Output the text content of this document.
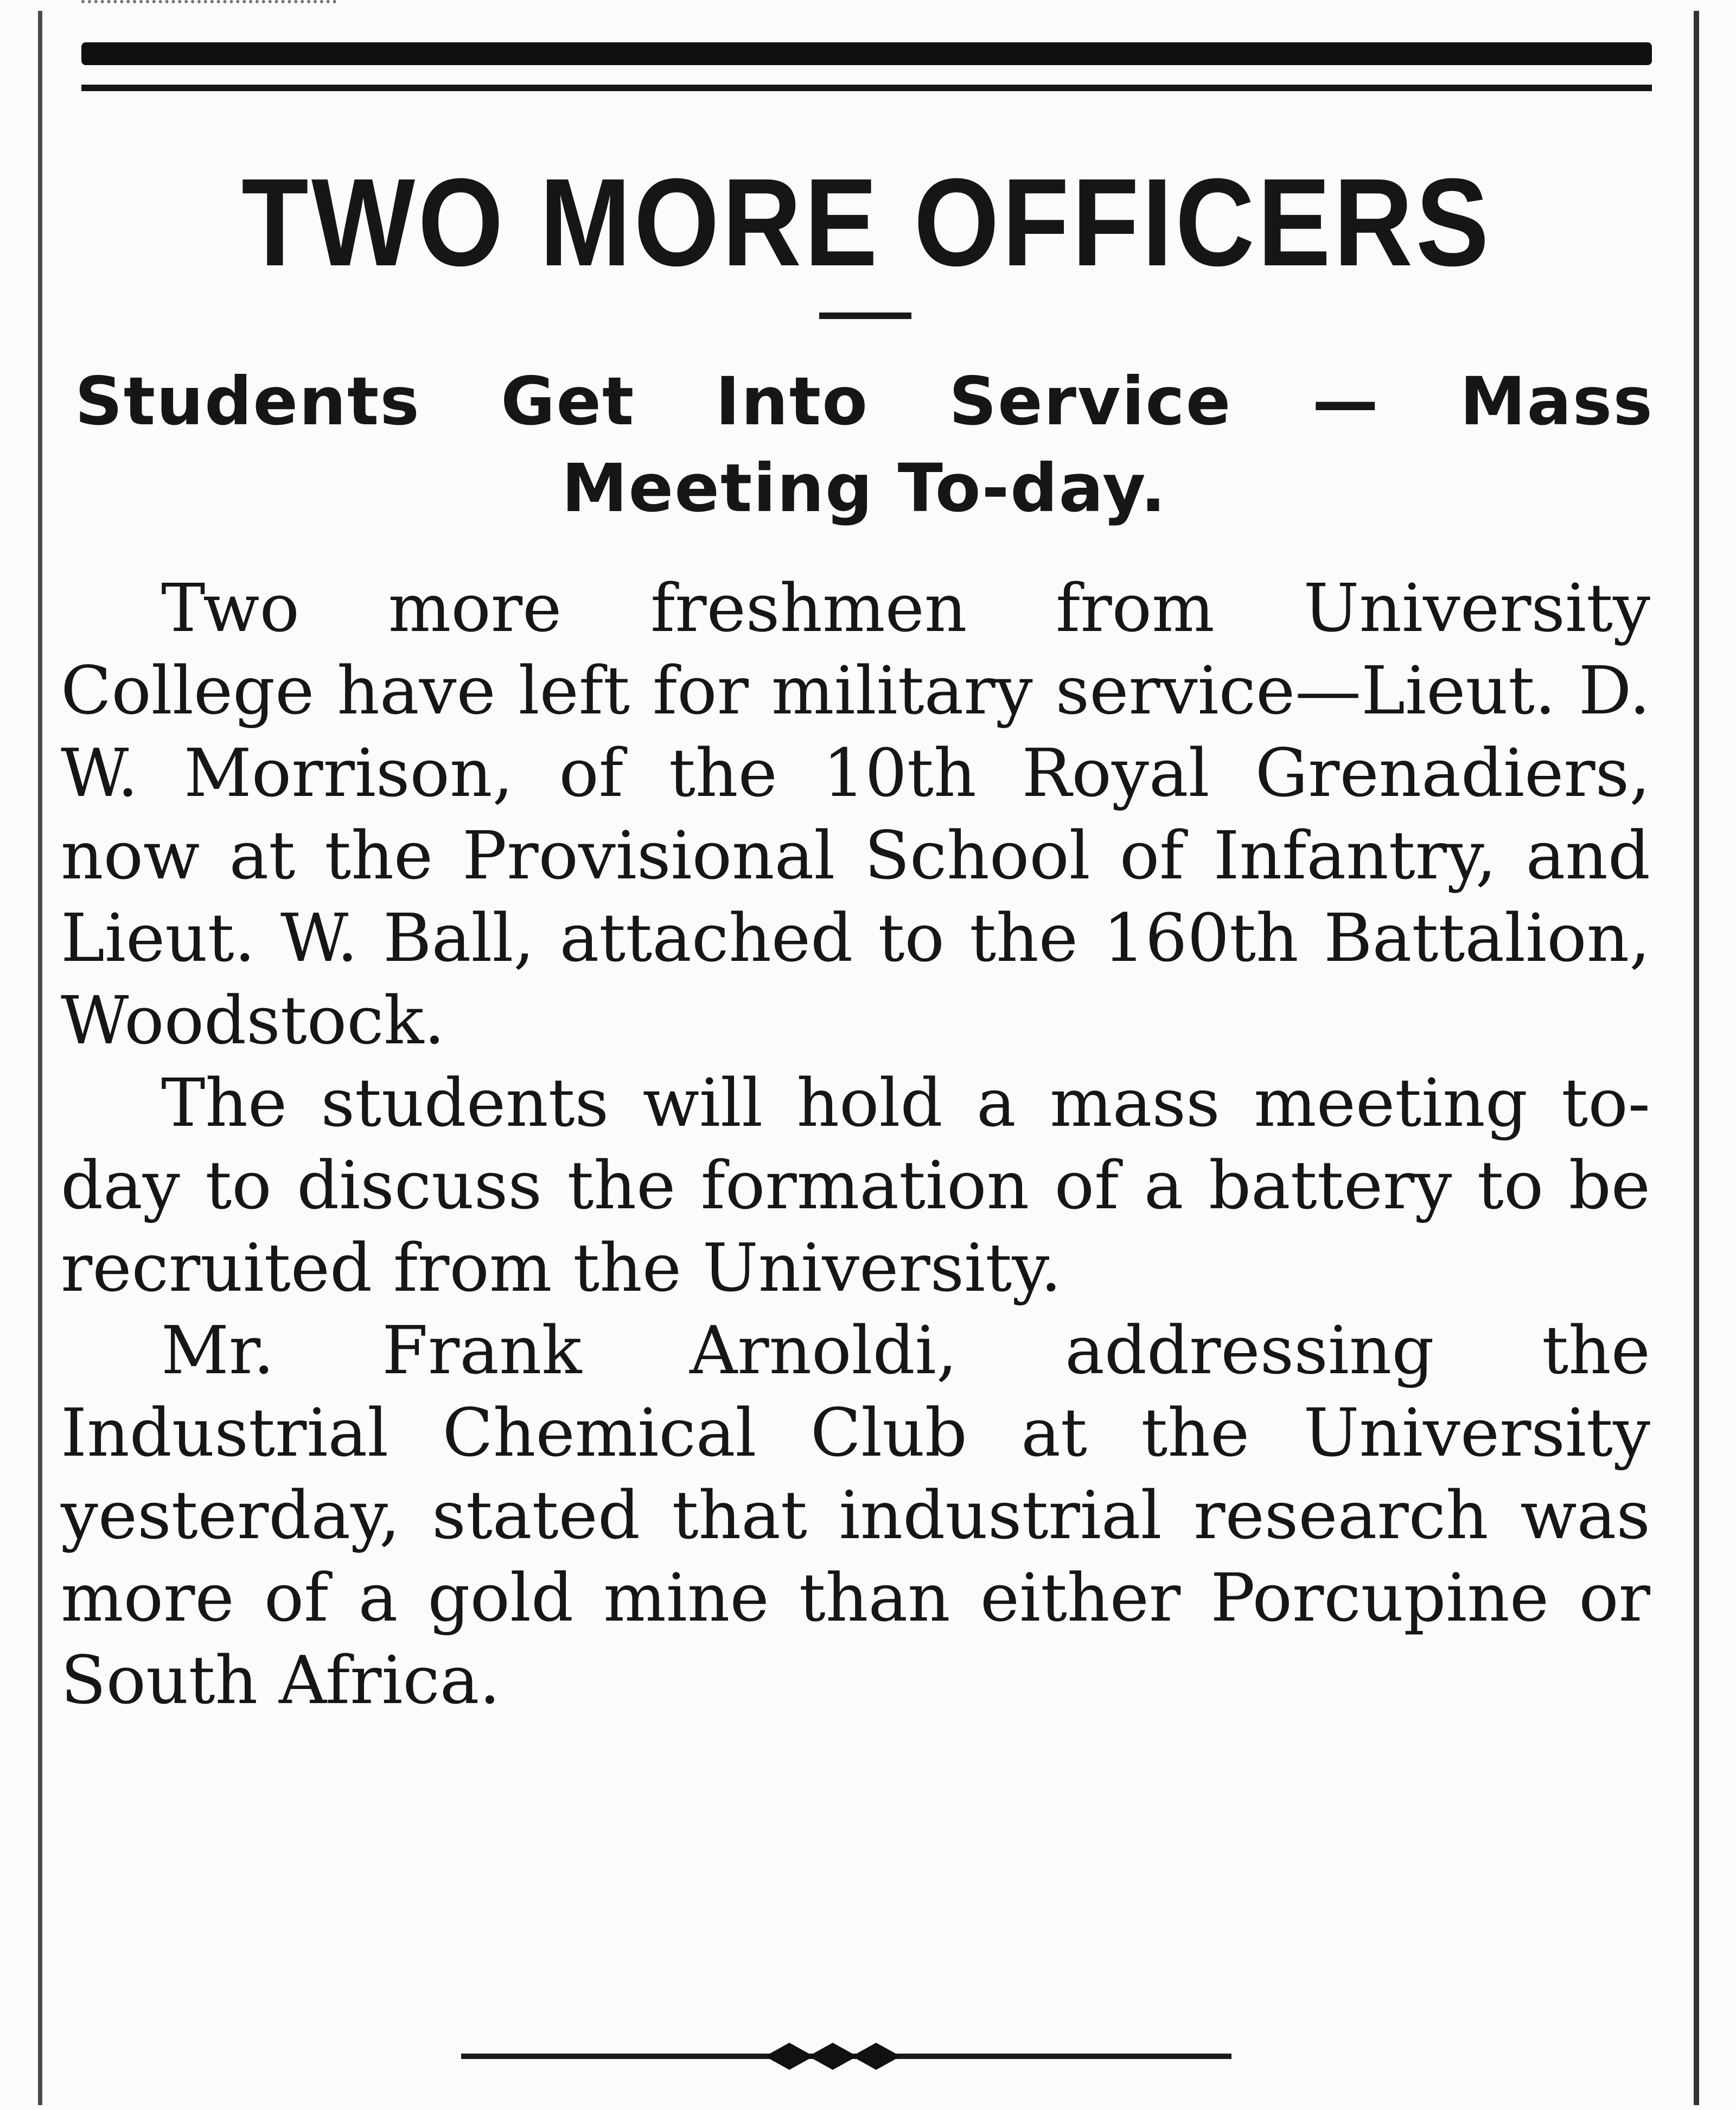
TWO MORE OFFICERS
Students Get Into Service — Mass Meeting To-day.

Two more freshmen from University College have left for military service—Lieut. D. W. Morrison, of the 10th Royal Grenadiers, now at the Provisional School of Infantry, and Lieut. W. Ball, attached to the 160th Battalion, Woodstock.

The students will hold a mass meeting to-day to discuss the formation of a battery to be recruited from the University.

Mr. Frank Arnoldi, addressing the Industrial Chemical Club at the University yesterday, stated that industrial research was more of a gold mine than either Porcupine or South Africa.
